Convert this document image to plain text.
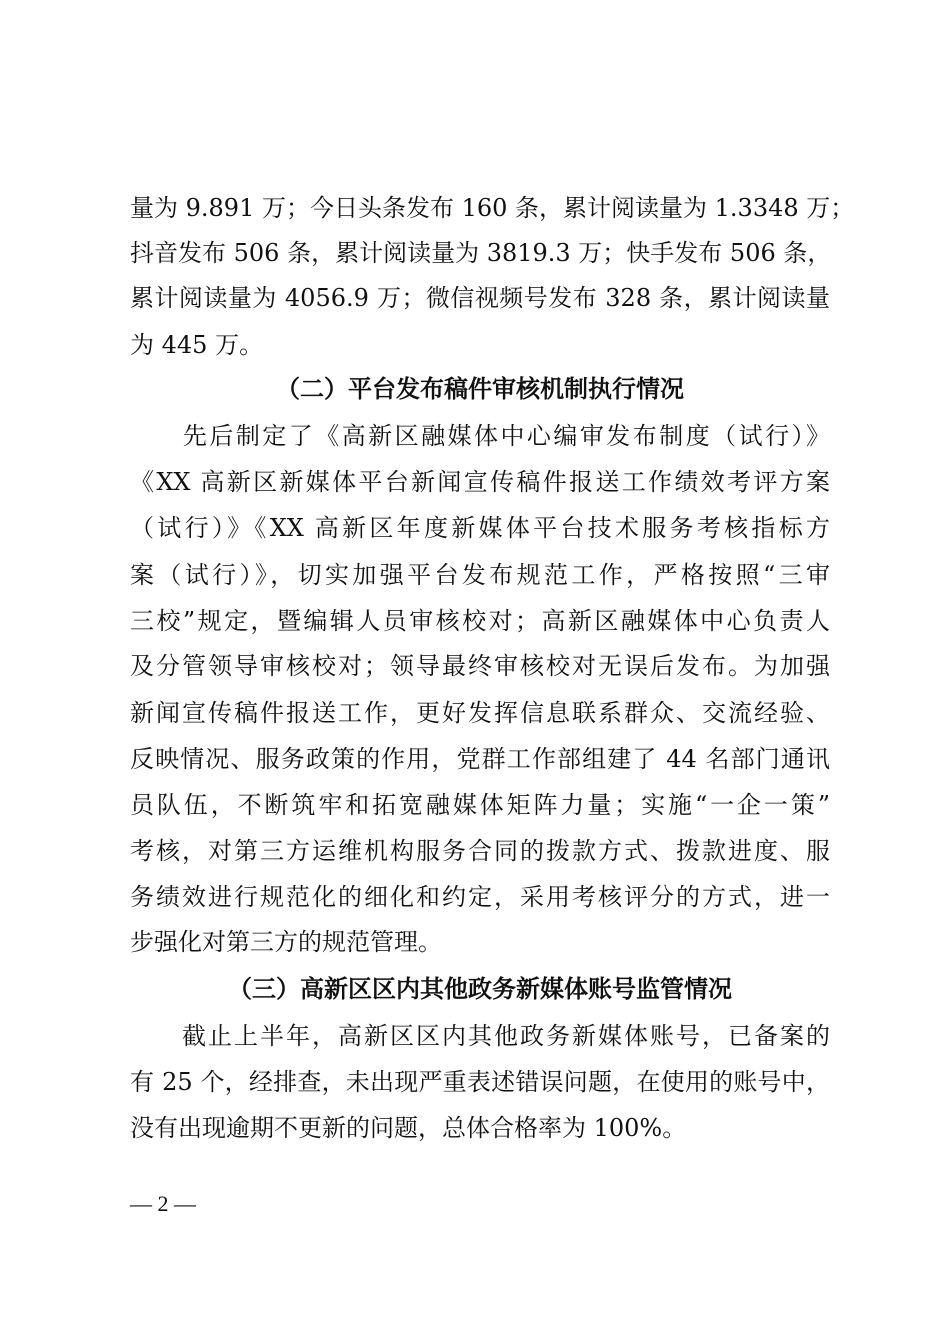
量为 9.891 万；今日头条发布 160 条，累计阅读量为 1.3348 万；
抖音发布 506 条，累计阅读量为 3819.3 万；快手发布 506 条，
累计阅读量为 4056.9 万；微信视频号发布 328 条，累计阅读量
为 445 万。
（二）平台发布稿件审核机制执行情况
　　先后制定了《高新区融媒体中心编审发布制度（试行）》
《XX 高新区新媒体平台新闻宣传稿件报送工作绩效考评方案
（试行）》《XX 高新区年度新媒体平台技术服务考核指标方
案（试行）》，切实加强平台发布规范工作，严格按照“三审
三校”规定，暨编辑人员审核校对；高新区融媒体中心负责人
及分管领导审核校对；领导最终审核校对无误后发布。为加强
新闻宣传稿件报送工作，更好发挥信息联系群众、交流经验、
反映情况、服务政策的作用，党群工作部组建了 44 名部门通讯
员队伍，不断筑牢和拓宽融媒体矩阵力量；实施“一企一策”
考核，对第三方运维机构服务合同的拨款方式、拨款进度、服
务绩效进行规范化的细化和约定，采用考核评分的方式，进一
步强化对第三方的规范管理。
（三）高新区区内其他政务新媒体账号监管情况
　　截止上半年，高新区区内其他政务新媒体账号，已备案的
有 25 个，经排查，未出现严重表述错误问题，在使用的账号中，
没有出现逾期不更新的问题，总体合格率为 100%。
— 2 —
